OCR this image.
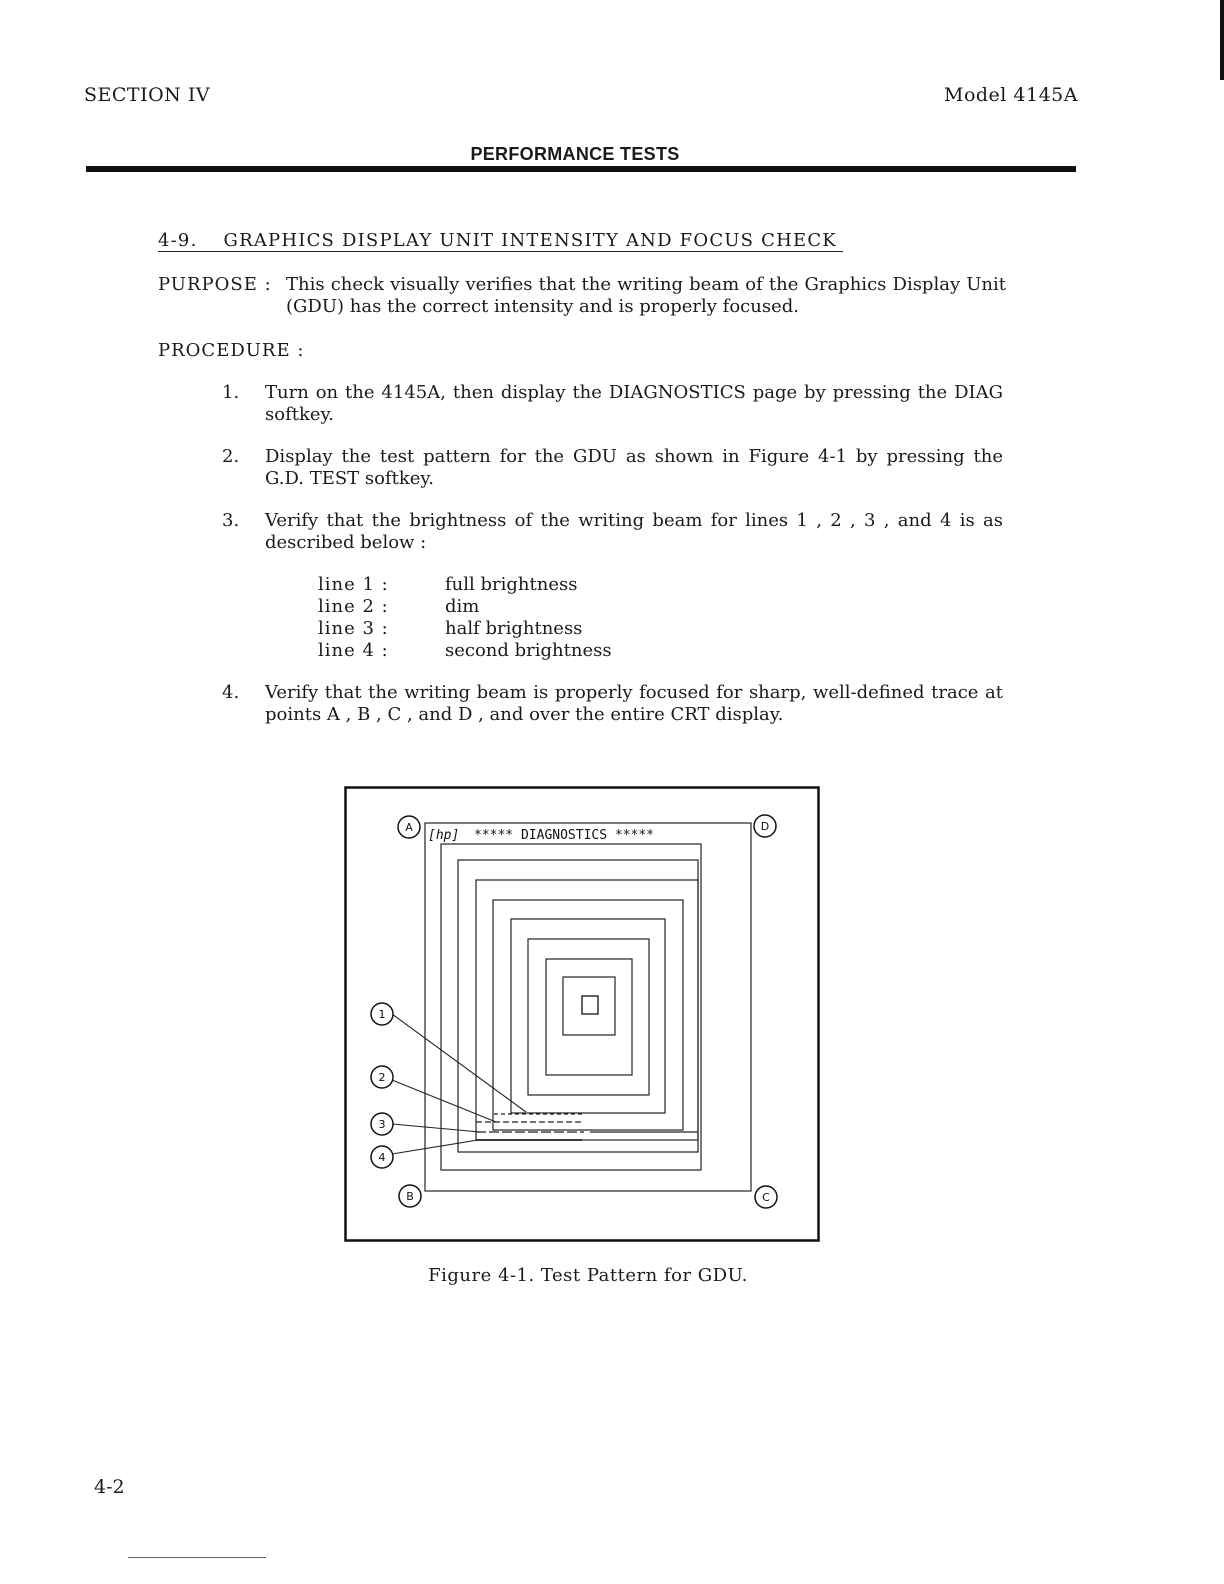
SECTION IV	Model 4145A
PERFORMANCE TESTS
4-9. GRAPHICS DISPLAY UNIT INTENSITY AND FOCUS CHECK
PURPOSE : This check visually verifies that the writing beam of the Graphics Display Unit (GDU) has the correct intensity and is properly focused.
PROCEDURE :
1. Turn on the 4145A, then display the DIAGNOSTICS page by pressing the DIAG softkey.
2. Display the test pattern for the GDU as shown in Figure 4-1 by pressing the G.D. TEST softkey.
3. Verify that the brightness of the writing beam for lines 1 , 2 , 3 , and 4 is as described below :
line 1 :	full brightness
line 2 :	dim
line 3 :	half brightness
line 4 :	second brightness
4. Verify that the writing beam is properly focused for sharp, well-defined trace at points A , B , C , and D , and over the entire CRT display.
A	D
B	C
1
2
3
4
[hp] ***** DIAGNOSTICS *****
Figure 4-1. Test Pattern for GDU.
4-2
